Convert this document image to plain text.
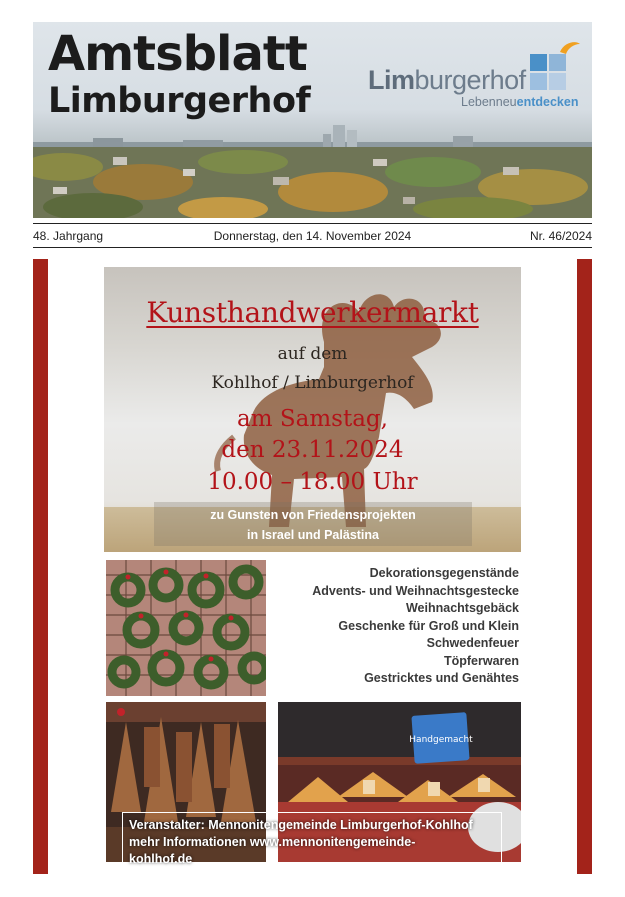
Amtsblatt
Limburgerhof
Limburgerhof
Lebenneuentdecken
48. Jahrgang	Donnerstag, den 14. November 2024	Nr. 46/2024
Kunsthandwerkermarkt
auf dem
Kohlhof / Limburgerhof
am Samstag,
den 23.11.2024
10.00 – 18.00 Uhr
zu Gunsten von Friedensprojekten
in Israel und Palästina
Dekorationsgegenstände
Advents- und Weihnachtsgestecke
Weihnachtsgebäck
Geschenke für Groß und Klein
Schwedenfeuer
Töpferwaren
Gestricktes und Genähtes
Handgemacht
Veranstalter: Mennonitengemeinde Limburgerhof-Kohlhof
mehr Informationen www.mennonitengemeinde-
kohlhof.de
